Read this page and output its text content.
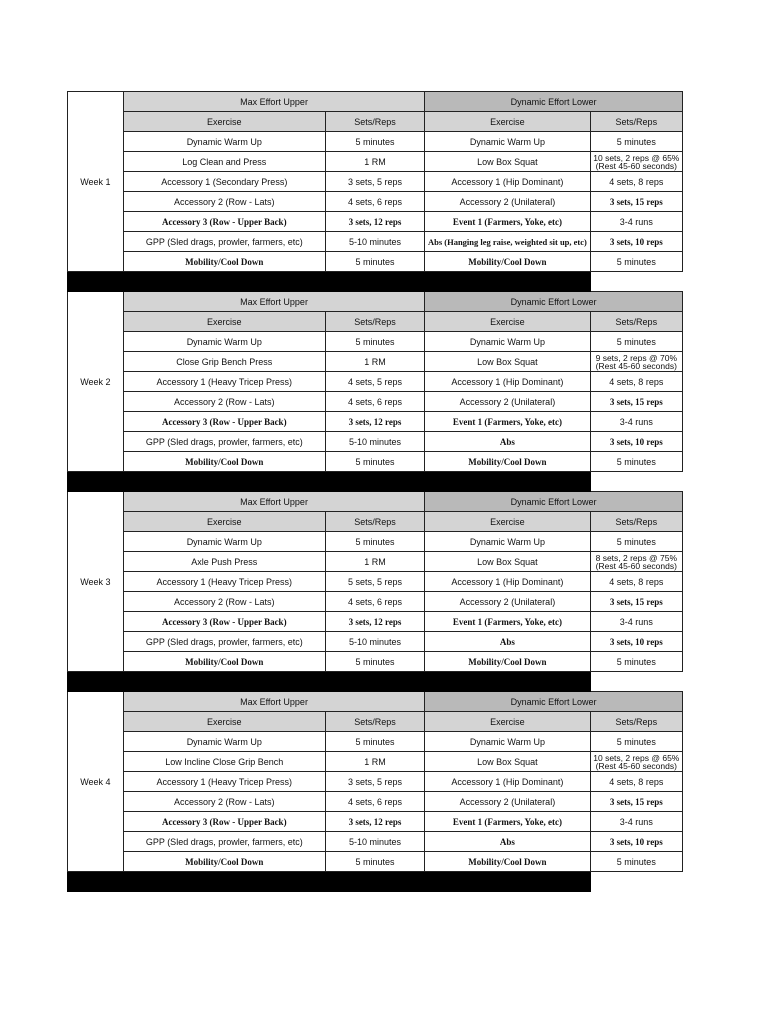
Week 1	Max Effort Upper		Dynamic Effort Lower	
	Exercise	Sets/Reps	Exercise	Sets/Reps
	Dynamic Warm Up	5 minutes	Dynamic Warm Up	5 minutes
	Log Clean and Press	1 RM	Low Box Squat	10 sets, 2 reps @ 65% (Rest 45-60 seconds)
	Accessory 1 (Secondary Press)	3 sets, 5 reps	Accessory 1 (Hip Dominant)	4 sets, 8 reps
	Accessory 2 (Row - Lats)	4 sets, 6 reps	Accessory 2 (Unilateral)	3 sets, 15 reps
	Accessory 3 (Row - Upper Back)	3 sets, 12 reps	Event 1 (Farmers, Yoke, etc)	3-4 runs
	GPP (Sled drags, prowler, farmers, etc)	5-10 minutes	Abs (Hanging leg raise, weighted sit up, etc)	3 sets, 10 reps
	Mobility/Cool Down	5 minutes	Mobility/Cool Down	5 minutes

Week 2	Max Effort Upper		Dynamic Effort Lower	
	Exercise	Sets/Reps	Exercise	Sets/Reps
	Dynamic Warm Up	5 minutes	Dynamic Warm Up	5 minutes
	Close Grip Bench Press	1 RM	Low Box Squat	9 sets, 2 reps @ 70% (Rest 45-60 seconds)
	Accessory 1 (Heavy Tricep Press)	4 sets, 5 reps	Accessory 1 (Hip Dominant)	4 sets, 8 reps
	Accessory 2 (Row - Lats)	4 sets, 6 reps	Accessory 2 (Unilateral)	3 sets, 15 reps
	Accessory 3 (Row - Upper Back)	3 sets, 12 reps	Event 1 (Farmers, Yoke, etc)	3-4 runs
	GPP (Sled drags, prowler, farmers, etc)	5-10 minutes	Abs	3 sets, 10 reps
	Mobility/Cool Down	5 minutes	Mobility/Cool Down	5 minutes

Week 3	Max Effort Upper		Dynamic Effort Lower	
	Exercise	Sets/Reps	Exercise	Sets/Reps
	Dynamic Warm Up	5 minutes	Dynamic Warm Up	5 minutes
	Axle Push Press	1 RM	Low Box Squat	8 sets, 2 reps @ 75% (Rest 45-60 seconds)
	Accessory 1 (Heavy Tricep Press)	5 sets, 5 reps	Accessory 1 (Hip Dominant)	4 sets, 8 reps
	Accessory 2 (Row - Lats)	4 sets, 6 reps	Accessory 2 (Unilateral)	3 sets, 15 reps
	Accessory 3 (Row - Upper Back)	3 sets, 12 reps	Event 1 (Farmers, Yoke, etc)	3-4 runs
	GPP (Sled drags, prowler, farmers, etc)	5-10 minutes	Abs	3 sets, 10 reps
	Mobility/Cool Down	5 minutes	Mobility/Cool Down	5 minutes

Week 4	Max Effort Upper		Dynamic Effort Lower	
	Exercise	Sets/Reps	Exercise	Sets/Reps
	Dynamic Warm Up	5 minutes	Dynamic Warm Up	5 minutes
	Low Incline Close Grip Bench	1 RM	Low Box Squat	10 sets, 2 reps @ 65% (Rest 45-60 seconds)
	Accessory 1 (Heavy Tricep Press)	3 sets, 5 reps	Accessory 1 (Hip Dominant)	4 sets, 8 reps
	Accessory 2 (Row - Lats)	4 sets, 6 reps	Accessory 2 (Unilateral)	3 sets, 15 reps
	Accessory 3 (Row - Upper Back)	3 sets, 12 reps	Event 1 (Farmers, Yoke, etc)	3-4 runs
	GPP (Sled drags, prowler, farmers, etc)	5-10 minutes	Abs	3 sets, 10 reps
	Mobility/Cool Down	5 minutes	Mobility/Cool Down	5 minutes
